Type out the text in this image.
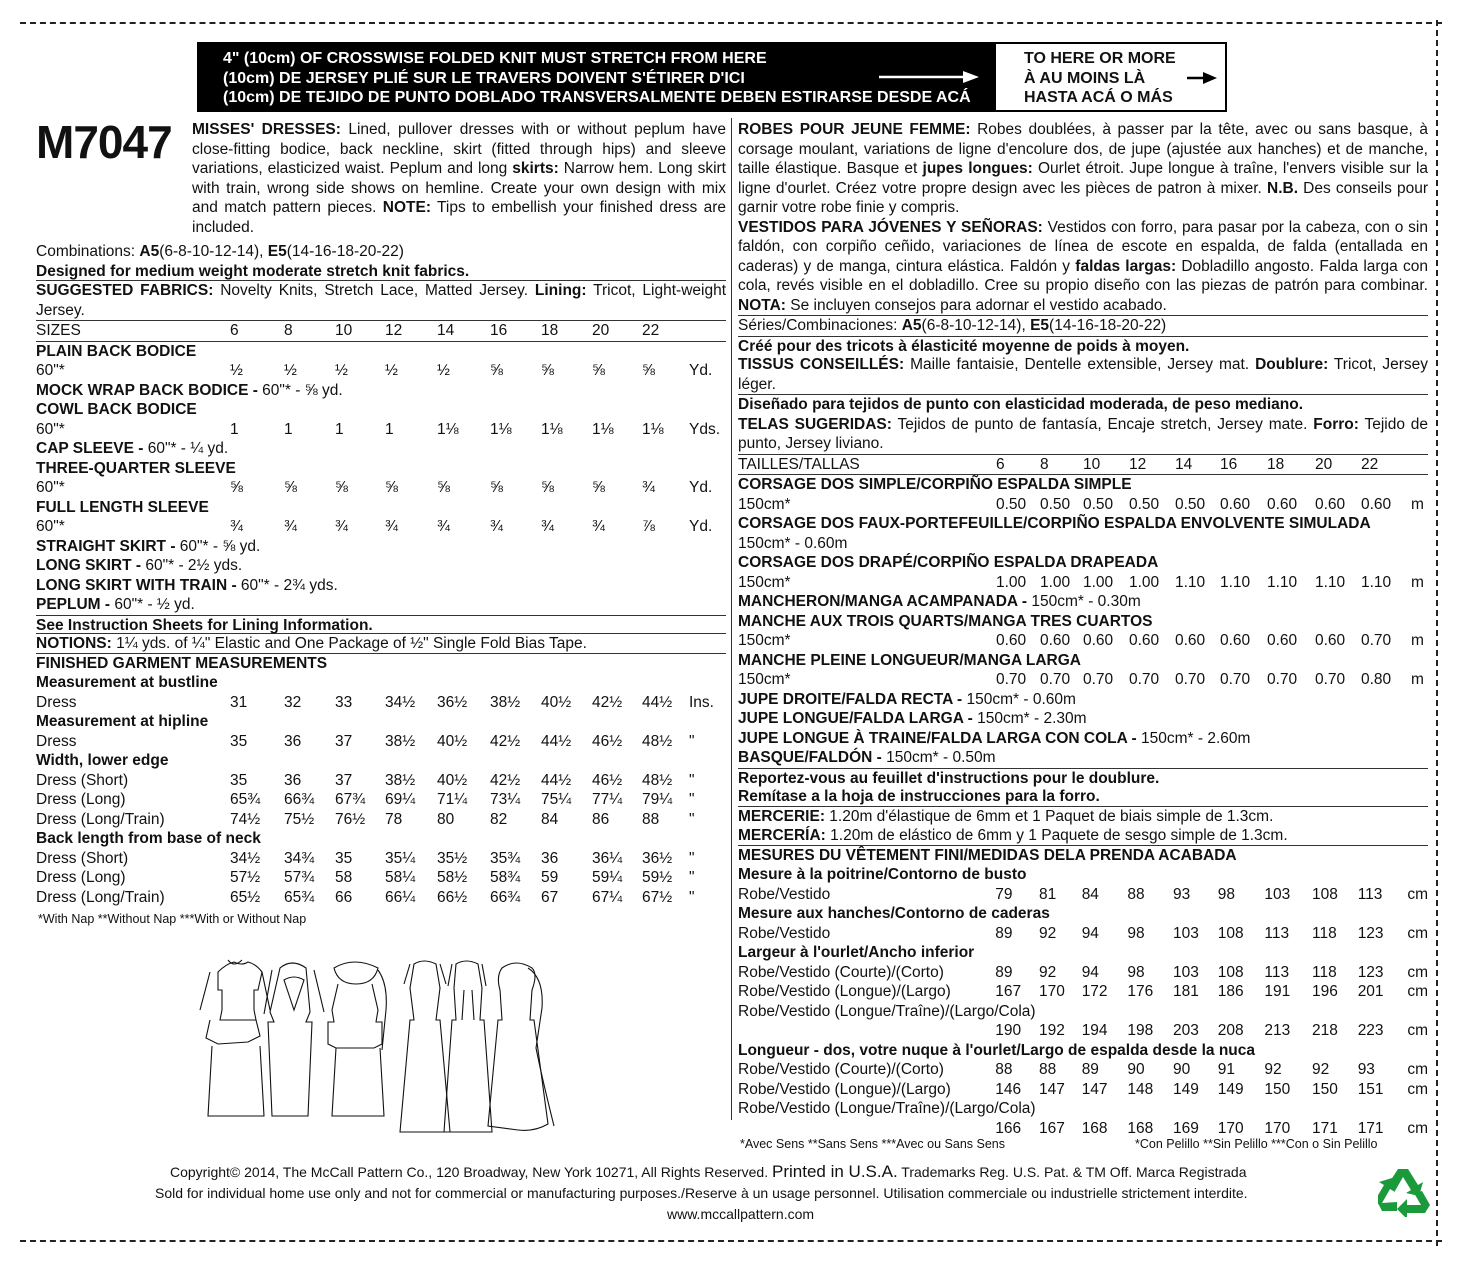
4" (10cm) OF CROSSWISE FOLDED KNIT MUST STRETCH FROM HERE
(10cm) DE JERSEY PLIÉ SUR LE TRAVERS DOIVENT S'ÉTIRER D'ICI
(10cm) DE TEJIDO DE PUNTO DOBLADO TRANSVERSALMENTE DEBEN ESTIRARSE DESDE ACÁ
TO HERE OR MORE
À AU MOINS LÀ
HASTA ACÁ O MÁS
M7047 MISSES' DRESSES: Lined, pullover dresses with or without peplum have close-fitting bodice, back neckline, skirt (fitted through hips) and sleeve variations, elasticized waist. Peplum and long skirts: Narrow hem. Long skirt with train, wrong side shows on hemline. Create your own design with mix and match pattern pieces. NOTE: Tips to embellish your finished dress are included.
Combinations: A5(6-8-10-12-14), E5(14-16-18-20-22)
Designed for medium weight moderate stretch knit fabrics.
SUGGESTED FABRICS: Novelty Knits, Stretch Lace, Matted Jersey. Lining: Tricot, Light-weight Jersey.
SIZES	6	8	10	12	14	16	18	20	22	
PLAIN BACK BODICE										
60"*	½	½	½	½	½	⅝	⅝	⅝	⅝	Yd.
MOCK WRAP BACK BODICE - 60"* - ⅝ yd.										
COWL BACK BODICE										
60"*	1	1	1	1	1⅛	1⅛	1⅛	1⅛	1⅛	Yds.
CAP SLEEVE - 60"* - ¼ yd.										
THREE-QUARTER SLEEVE										
60"*	⅝	⅝	⅝	⅝	⅝	⅝	⅝	⅝	¾	Yd.
FULL LENGTH SLEEVE										
60"*	¾	¾	¾	¾	¾	¾	¾	¾	⅞	Yd.
STRAIGHT SKIRT - 60"* - ⅝ yd.										
LONG SKIRT - 60"* - 2½ yds.										
LONG SKIRT WITH TRAIN - 60"* - 2¾ yds.										
PEPLUM - 60"* - ½ yd.										
See Instruction Sheets for Lining Information.
NOTIONS: 1¼ yds. of ¼" Elastic and One Package of ½" Single Fold Bias Tape.
FINISHED GARMENT MEASUREMENTS
Measurement at bustline										
Dress	31	32	33	34½	36½	38½	40½	42½	44½	Ins.
Measurement at hipline										
Dress	35	36	37	38½	40½	42½	44½	46½	48½	"
Width, lower edge										
Dress (Short)	35	36	37	38½	40½	42½	44½	46½	48½	"
Dress (Long)	65¾	66¾	67¾	69¼	71¼	73¼	75¼	77¼	79¼	"
Dress (Long/Train)	74½	75½	76½	78	80	82	84	86	88	"
Back length from base of neck										
Dress (Short)	34½	34¾	35	35¼	35½	35¾	36	36¼	36½	"
Dress (Long)	57½	57¾	58	58¼	58½	58¾	59	59¼	59½	"
Dress (Long/Train)	65½	65¾	66	66¼	66½	66¾	67	67¼	67½	"
*With Nap **Without Nap ***With or Without Nap
ROBES POUR JEUNE FEMME: Robes doublées, à passer par la tête, avec ou sans basque, à corsage moulant, variations de ligne d'encolure dos, de jupe (ajustée aux hanches) et de manche, taille élastique. Basque et jupes longues: Ourlet étroit. Jupe longue à traîne, l'envers visible sur la ligne d'ourlet. Créez votre propre design avec les pièces de patron à mixer. N.B. Des conseils pour garnir votre robe finie y compris.
VESTIDOS PARA JÓVENES Y SEÑORAS: Vestidos con forro, para pasar por la cabeza, con o sin faldón, con corpiño ceñido, variaciones de línea de escote en espalda, de falda (entallada en caderas) y de manga, cintura elástica. Faldón y faldas largas: Dobladillo angosto. Falda larga con cola, revés visible en el dobladillo. Cree su propio diseño con las piezas de patrón para combinar. NOTA: Se incluyen consejos para adornar el vestido acabado.
Séries/Combinaciones: A5(6-8-10-12-14), E5(14-16-18-20-22)
Créé pour des tricots à élasticité moyenne de poids à moyen.
TISSUS CONSEILLÉS: Maille fantaisie, Dentelle extensible, Jersey mat. Doublure: Tricot, Jersey léger.
Diseñado para tejidos de punto con elasticidad moderada, de peso mediano.
TELAS SUGERIDAS: Tejidos de punto de fantasía, Encaje stretch, Jersey mate. Forro: Tejido de punto, Jersey liviano.
TAILLES/TALLAS	6	8	10	12	14	16	18	20	22	
CORSAGE DOS SIMPLE/CORPIÑO ESPALDA SIMPLE										
150cm*	0.50	0.50	0.50	0.50	0.50	0.60	0.60	0.60	0.60	m
CORSAGE DOS FAUX-PORTEFEUILLE/CORPIÑO ESPALDA ENVOLVENTE SIMULADA										
150cm* - 0.60m										
CORSAGE DOS DRAPÉ/CORPIÑO ESPALDA DRAPEADA										
150cm*	1.00	1.00	1.00	1.00	1.10	1.10	1.10	1.10	1.10	m
MANCHERON/MANGA ACAMPANADA - 150cm* - 0.30m										
MANCHE AUX TROIS QUARTS/MANGA TRES CUARTOS										
150cm*	0.60	0.60	0.60	0.60	0.60	0.60	0.60	0.60	0.70	m
MANCHE PLEINE LONGUEUR/MANGA LARGA										
150cm*	0.70	0.70	0.70	0.70	0.70	0.70	0.70	0.70	0.80	m
JUPE DROITE/FALDA RECTA - 150cm* - 0.60m										
JUPE LONGUE/FALDA LARGA - 150cm* - 2.30m										
JUPE LONGUE À TRAINE/FALDA LARGA CON COLA - 150cm* - 2.60m										
BASQUE/FALDÓN - 150cm* - 0.50m										
Reportez-vous au feuillet d'instructions pour le doublure.
Remítase a la hoja de instrucciones para la forro.
MERCERIE: 1.20m d'élastique de 6mm et 1 Paquet de biais simple de 1.3cm.
MERCERÍA: 1.20m de elástico de 6mm y 1 Paquete de sesgo simple de 1.3cm.
MESURES DU VÊTEMENT FINI/MEDIDAS DELA PRENDA ACABADA
Mesure à la poitrine/Contorno de busto										
Robe/Vestido	79	81	84	88	93	98	103	108	113	cm
Mesure aux hanches/Contorno de caderas										
Robe/Vestido	89	92	94	98	103	108	113	118	123	cm
Largeur à l'ourlet/Ancho inferior										
Robe/Vestido (Courte)/(Corto)	89	92	94	98	103	108	113	118	123	cm
Robe/Vestido (Longue)/(Largo)	167	170	172	176	181	186	191	196	201	cm
Robe/Vestido (Longue/Traîne)/(Largo/Cola)										
	190	192	194	198	203	208	213	218	223	cm
Longueur - dos, votre nuque à l'ourlet/Largo de espalda desde la nuca										
Robe/Vestido (Courte)/(Corto)	88	88	89	90	90	91	92	92	93	cm
Robe/Vestido (Longue)/(Largo)	146	147	147	148	149	149	150	150	151	cm
Robe/Vestido (Longue/Traîne)/(Largo/Cola)										
	166	167	168	168	169	170	170	171	171	cm
*Avec Sens **Sans Sens ***Avec ou Sans Sens	*Con Pelillo **Sin Pelillo ***Con o Sin Pelillo
Copyright© 2014, The McCall Pattern Co., 120 Broadway, New York 10271, All Rights Reserved. Printed in U.S.A. Trademarks Reg. U.S. Pat. & TM Off. Marca Registrada
Sold for individual home use only and not for commercial or manufacturing purposes./Reserve à un usage personnel. Utilisation commerciale ou industrielle strictement interdite.
www.mccallpattern.com
